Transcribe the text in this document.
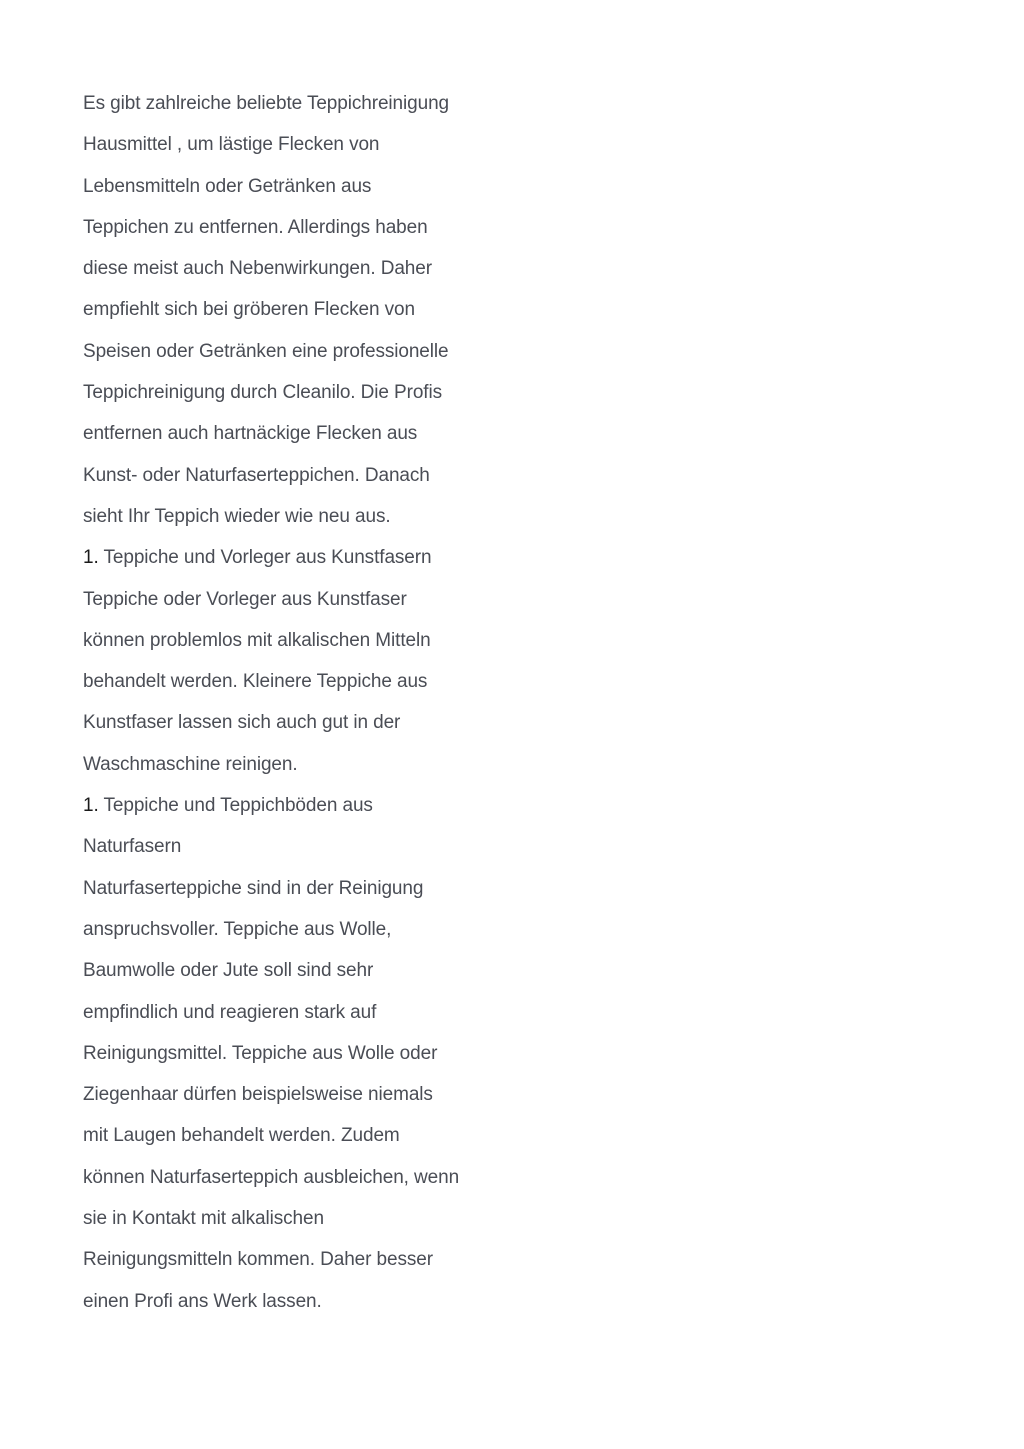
Es gibt zahlreiche beliebte Teppichreinigung
Hausmittel , um lästige Flecken von
Lebensmitteln oder Getränken aus
Teppichen zu entfernen. Allerdings haben
diese meist auch Nebenwirkungen. Daher
empfiehlt sich bei gröberen Flecken von
Speisen oder Getränken eine professionelle
Teppichreinigung durch Cleanilo. Die Profis
entfernen auch hartnäckige Flecken aus
Kunst- oder Naturfaserteppichen. Danach
sieht Ihr Teppich wieder wie neu aus.
1. Teppiche und Vorleger aus Kunstfasern
Teppiche oder Vorleger aus Kunstfaser
können problemlos mit alkalischen Mitteln
behandelt werden. Kleinere Teppiche aus
Kunstfaser lassen sich auch gut in der
Waschmaschine reinigen.
1. Teppiche und Teppichböden aus
Naturfasern
Naturfaserteppiche sind in der Reinigung
anspruchsvoller. Teppiche aus Wolle,
Baumwolle oder Jute soll sind sehr
empfindlich und reagieren stark auf
Reinigungsmittel. Teppiche aus Wolle oder
Ziegenhaar dürfen beispielsweise niemals
mit Laugen behandelt werden. Zudem
können Naturfaserteppich ausbleichen, wenn
sie in Kontakt mit alkalischen
Reinigungsmitteln kommen. Daher besser
einen Profi ans Werk lassen.
